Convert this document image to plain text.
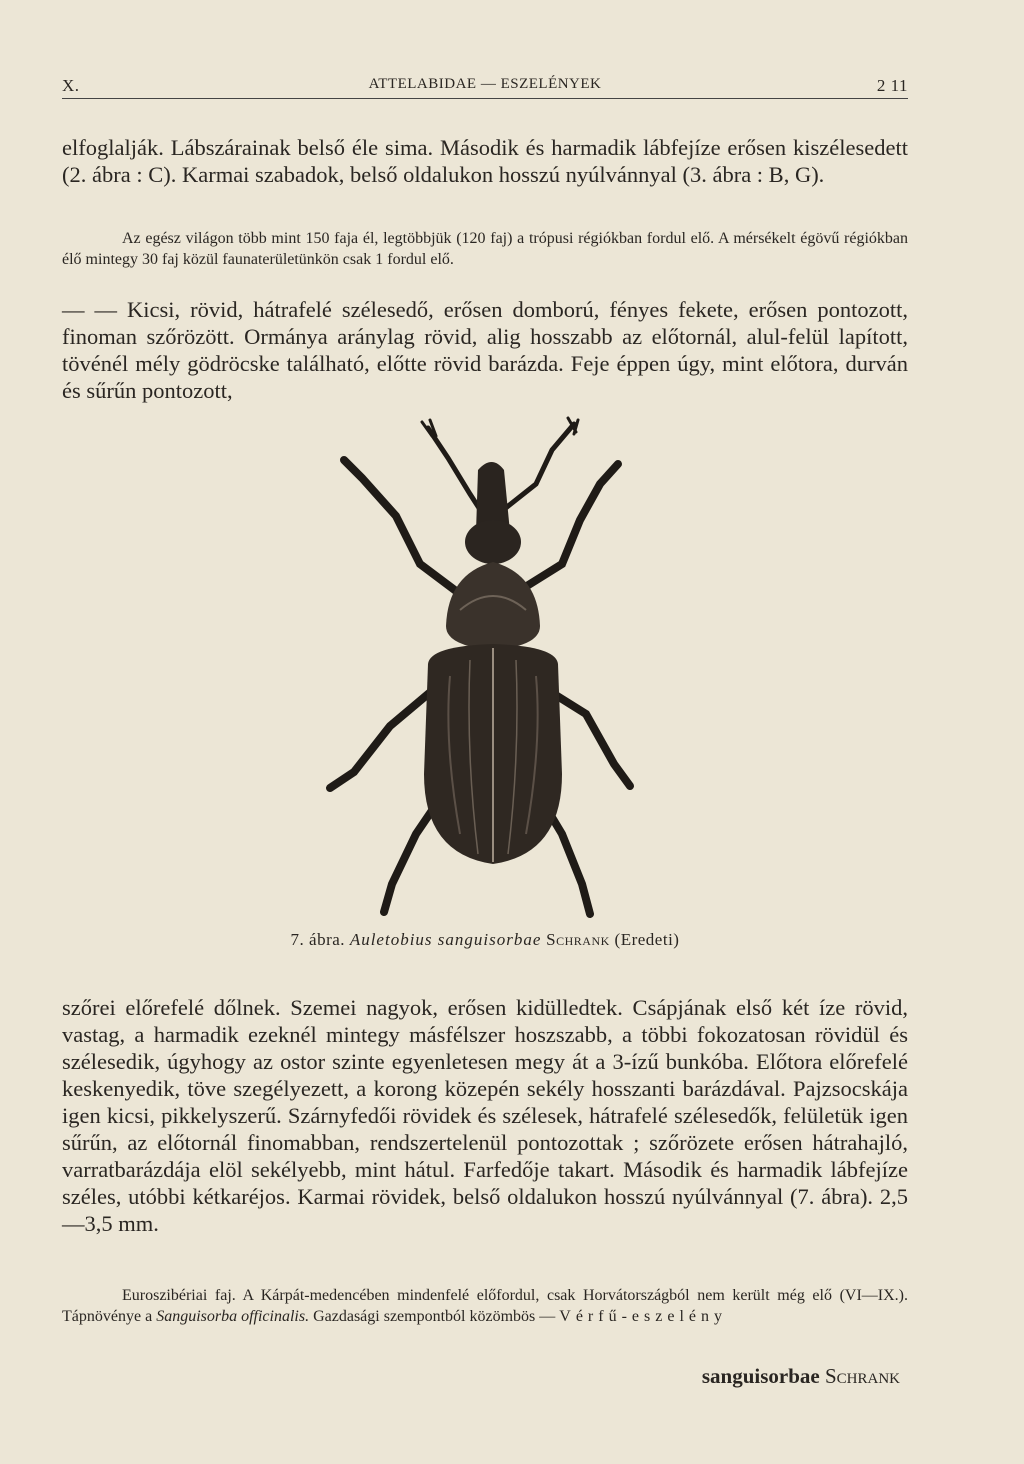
X.	ATTELABIDAE — ESZELÉNYEK	2 11

elfoglalják. Lábszárainak belső éle sima. Második és harmadik lábfejíze erősen kiszélesedett (2. ábra : C). Karmai szabadok, belső oldalukon hosszú nyúlvánnyal (3. ábra : B, G).

Az egész világon több mint 150 faja él, legtöbbjük (120 faj) a trópusi régiókban fordul elő. A mérsékelt égövű régiókban élő mintegy 30 faj közül faunaterületünkön csak 1 fordul elő.

— — Kicsi, rövid, hátrafelé szélesedő, erősen domború, fényes fekete, erősen pontozott, finoman szőrözött. Ormánya aránylag rövid, alig hosszabb az előtornál, alul-felül lapított, tövénél mély gödröcske található, előtte rövid barázda. Feje éppen úgy, mint előtora, durván és sűrűn pontozott,

7. ábra. Auletobius sanguisorbae Schrank (Eredeti)

szőrei előrefelé dőlnek. Szemei nagyok, erősen kidülledtek. Csápjának első két íze rövid, vastag, a harmadik ezeknél mintegy másfélszer hoszszabb, a többi fokozatosan rövidül és szélesedik, úgyhogy az ostor szinte egyenletesen megy át a 3-ízű bunkóba. Előtora előrefelé keskenyedik, töve szegélyezett, a korong közepén sekély hosszanti barázdával. Pajzsocskája igen kicsi, pikkelyszerű. Szárnyfedői rövidek és szélesek, hátrafelé szélesedők, felületük igen sűrűn, az előtornál finomabban, rendszertelenül pontozottak ; szőrözete erősen hátrahajló, varratbarázdája elöl sekélyebb, mint hátul. Farfedője takart. Második és harmadik lábfejíze széles, utóbbi kétkaréjos. Karmai rövidek, belső oldalukon hosszú nyúlvánnyal (7. ábra). 2,5—3,5 mm.

Euroszibériai faj. A Kárpát-medencében mindenfelé előfordul, csak Horvátországból nem került még elő (VI—IX.). Tápnövénye a Sanguisorba officinalis. Gazdasági szempontból közömbös — Vérfű-eszelény

sanguisorbae Schrank
